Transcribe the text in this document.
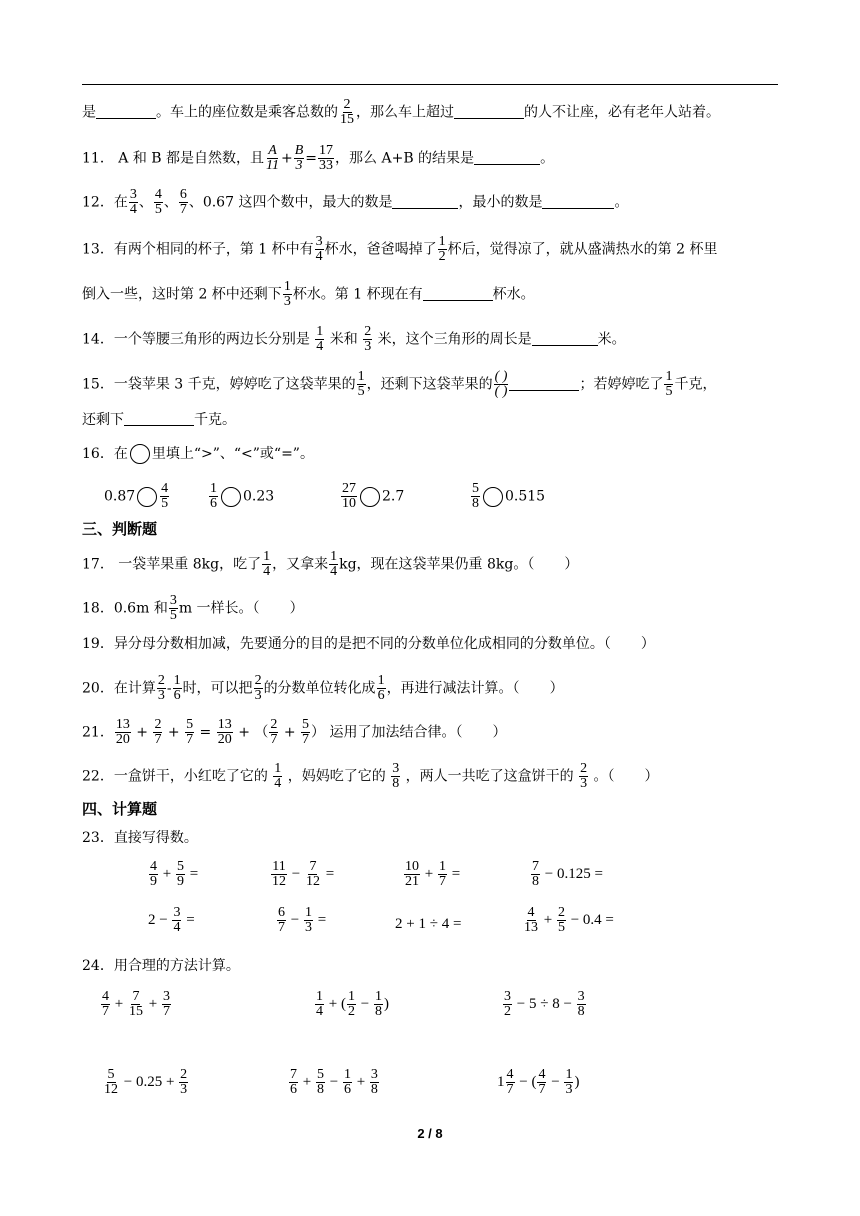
是	。车上的座位数是乘客总数的 $\frac{2}{15}$ ，那么车上超过	的人不让座，必有老年人站着。
11． A 和 B 都是自然数，且 $\frac{A}{11} + \frac{B}{3} = \frac{17}{33}$ ，那么 A+B 的结果是	。
12．在 $\frac{3}{4}$ 、 $\frac{4}{5}$ 、 $\frac{6}{7}$ 、0.67 这四个数中，最大的数是	，最小的数是	。
13．有两个相同的杯子，第 1 杯中有 $\frac{3}{4}$ 杯水，爸爸喝掉了 $\frac{1}{2}$ 杯后，觉得凉了，就从盛满热水的第 2 杯里
倒入一些，这时第 2 杯中还剩下 $\frac{1}{3}$ 杯水。第 1 杯现在有	杯水。
14．一个等腰三角形的两边长分别是 $\frac{1}{4}$ 米和 $\frac{2}{3}$ 米，这个三角形的周长是	米。
15．一袋苹果 3 千克，婷婷吃了这袋苹果的 $\frac{1}{5}$ ，还剩下这袋苹果的 $\frac{( )}{( )}$	；若婷婷吃了 $\frac{1}{5}$ 千克，
还剩下	千克。
16．在 里填上“>”、“<”或“=”。
$0.87 \frac{4}{5}$	$\frac{1}{6} 0.23$	$\frac{27}{10} 2.7$	$\frac{5}{8} 0.515$
三、判断题
17． 一袋苹果重 8kg，吃了 $\frac{1}{4}$ ，又拿来 $\frac{1}{4}$ kg，现在这袋苹果仍重 8kg。（ ）
18．0.6m 和 $\frac{3}{5}$ m 一样长。（ ）
19．异分母分数相加减，先要通分的目的是把不同的分数单位化成相同的分数单位。（ ）
20．在计算 $\frac{2}{3} - \frac{1}{6}$ 时，可以把 $\frac{2}{3}$ 的分数单位转化成 $\frac{1}{6}$ ，再进行减法计算。（ ）
21． $\frac{13}{20} + \frac{2}{7} + \frac{5}{7} = \frac{13}{20}$ + （ $\frac{2}{7} + \frac{5}{7}$ ） 运用了加法结合律。（ ）
22．一盒饼干，小红吃了它的 $\frac{1}{4}$ ，妈妈吃了它的 $\frac{3}{8}$ ，两人一共吃了这盒饼干的 $\frac{2}{3}$ 。（ ）
四、计算题
23．直接写得数。
$\frac{4}{9} + \frac{5}{9}$ =	$\frac{11}{12} - \frac{7}{12}$ =	$\frac{10}{21} + \frac{1}{7}$ =	$\frac{7}{8} - 0.125$ =
$2 - \frac{3}{4}$ =	$\frac{6}{7} - \frac{1}{3}$ =	2 + 1 ÷ 4 =	$\frac{4}{13} + \frac{2}{5} - 0.4$ =
24．用合理的方法计算。
$\frac{4}{7} + \frac{7}{15} + \frac{3}{7}$	$\frac{1}{4}$ + ( $\frac{1}{2} - \frac{1}{8}$ )	$\frac{3}{2} - 5 \div 8 - \frac{3}{8}$
$\frac{5}{12} - 0.25 + \frac{2}{3}$	$\frac{7}{6} + \frac{5}{8} - \frac{1}{6} + \frac{3}{8}$	$1 \frac{4}{7}$ − ( $\frac{4}{7} - \frac{1}{3}$ )
2 / 8
